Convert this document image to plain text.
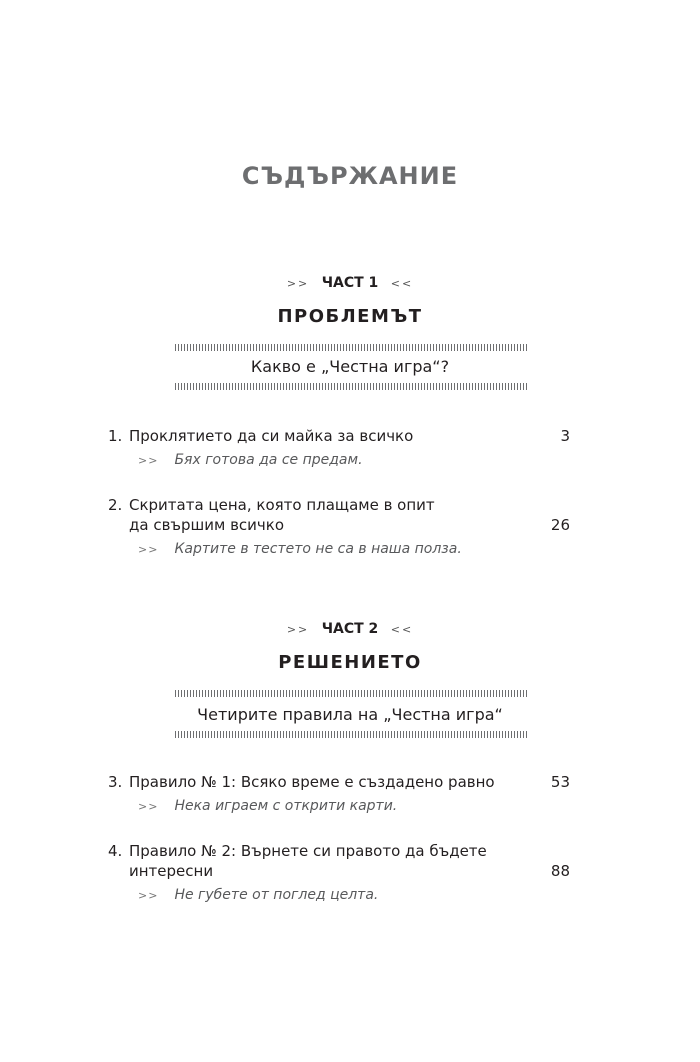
СЪДЪРЖАНИЕ
>> ЧАСТ 1 <<
ПРОБЛЕМЪТ
Какво е „Честна игра“?
1. Проклятието да си майка за всичко	3
>> Бях готова да се предам.
2. Скритата цена, която плащаме в опит
да свършим всичко	26
>> Картите в тестето не са в наша полза.
>> ЧАСТ 2 <<
РЕШЕНИЕТО
Четирите правила на „Честна игра“
3. Правило № 1: Всяко време е създадено равно	53
>> Нека играем с открити карти.
4. Правило № 2: Върнете си правото да бъдете
интересни	88
>> Не губете от поглед целта.
